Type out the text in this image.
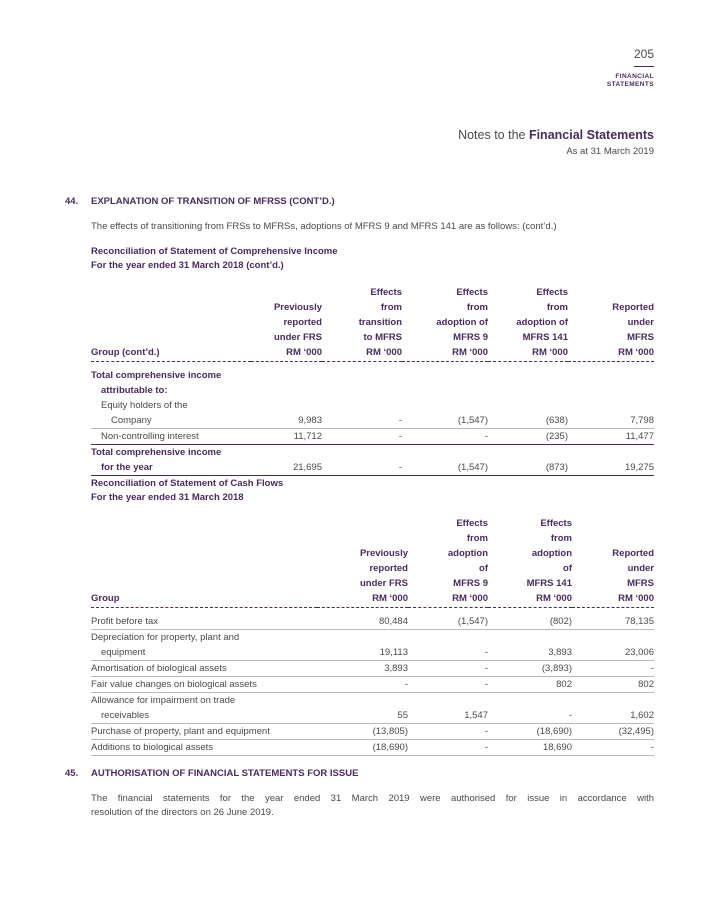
205
FINANCIAL
STATEMENTS
Notes to the Financial Statements
As at 31 March 2019
44. EXPLANATION OF TRANSITION OF MFRSS (CONT’D.)
The effects of transitioning from FRSs to MFRSs, adoptions of MFRS 9 and MFRS 141 are as follows: (cont’d.)
Reconciliation of Statement of Comprehensive Income
For the year ended 31 March 2018 (cont’d.)
		Effects	Effects	Effects	
	Previously	from	from	from	Reported
	reported	transition	adoption of	adoption of	under
	under FRS	to MFRS	MFRS 9	MFRS 141	MFRS
Group (cont’d.)	RM ‘000	RM ‘000	RM ‘000	RM ‘000	RM ‘000

Total comprehensive income					
attributable to:					
Equity holders of the					
Company	9,983	-	(1,547)	(638)	7,798
Non-controlling interest	11,712	-	-	(235)	11,477
Total comprehensive income					
for the year	21,695	-	(1,547)	(873)	19,275
Reconciliation of Statement of Cash Flows
For the year ended 31 March 2018
		Effects	Effects	
		from	from	
	Previously	adoption	adoption	Reported
	reported	of	of	under
	under FRS	MFRS 9	MFRS 141	MFRS
Group	RM ‘000	RM ‘000	RM ‘000	RM ‘000

Profit before tax	80,484	(1,547)	(802)	78,135
Depreciation for property, plant and				
equipment	19,113	-	3,893	23,006
Amortisation of biological assets	3,893	-	(3,893)	-
Fair value changes on biological assets	-	-	802	802
Allowance for impairment on trade				
receivables	55	1,547	-	1,602
Purchase of property, plant and equipment	(13,805)	-	(18,690)	(32,495)
Additions to biological assets	(18,690)	-	18,690	-
45. AUTHORISATION OF FINANCIAL STATEMENTS FOR ISSUE
The financial statements for the year ended 31 March 2019 were authorised for issue in accordance with
resolution of the directors on 26 June 2019.
